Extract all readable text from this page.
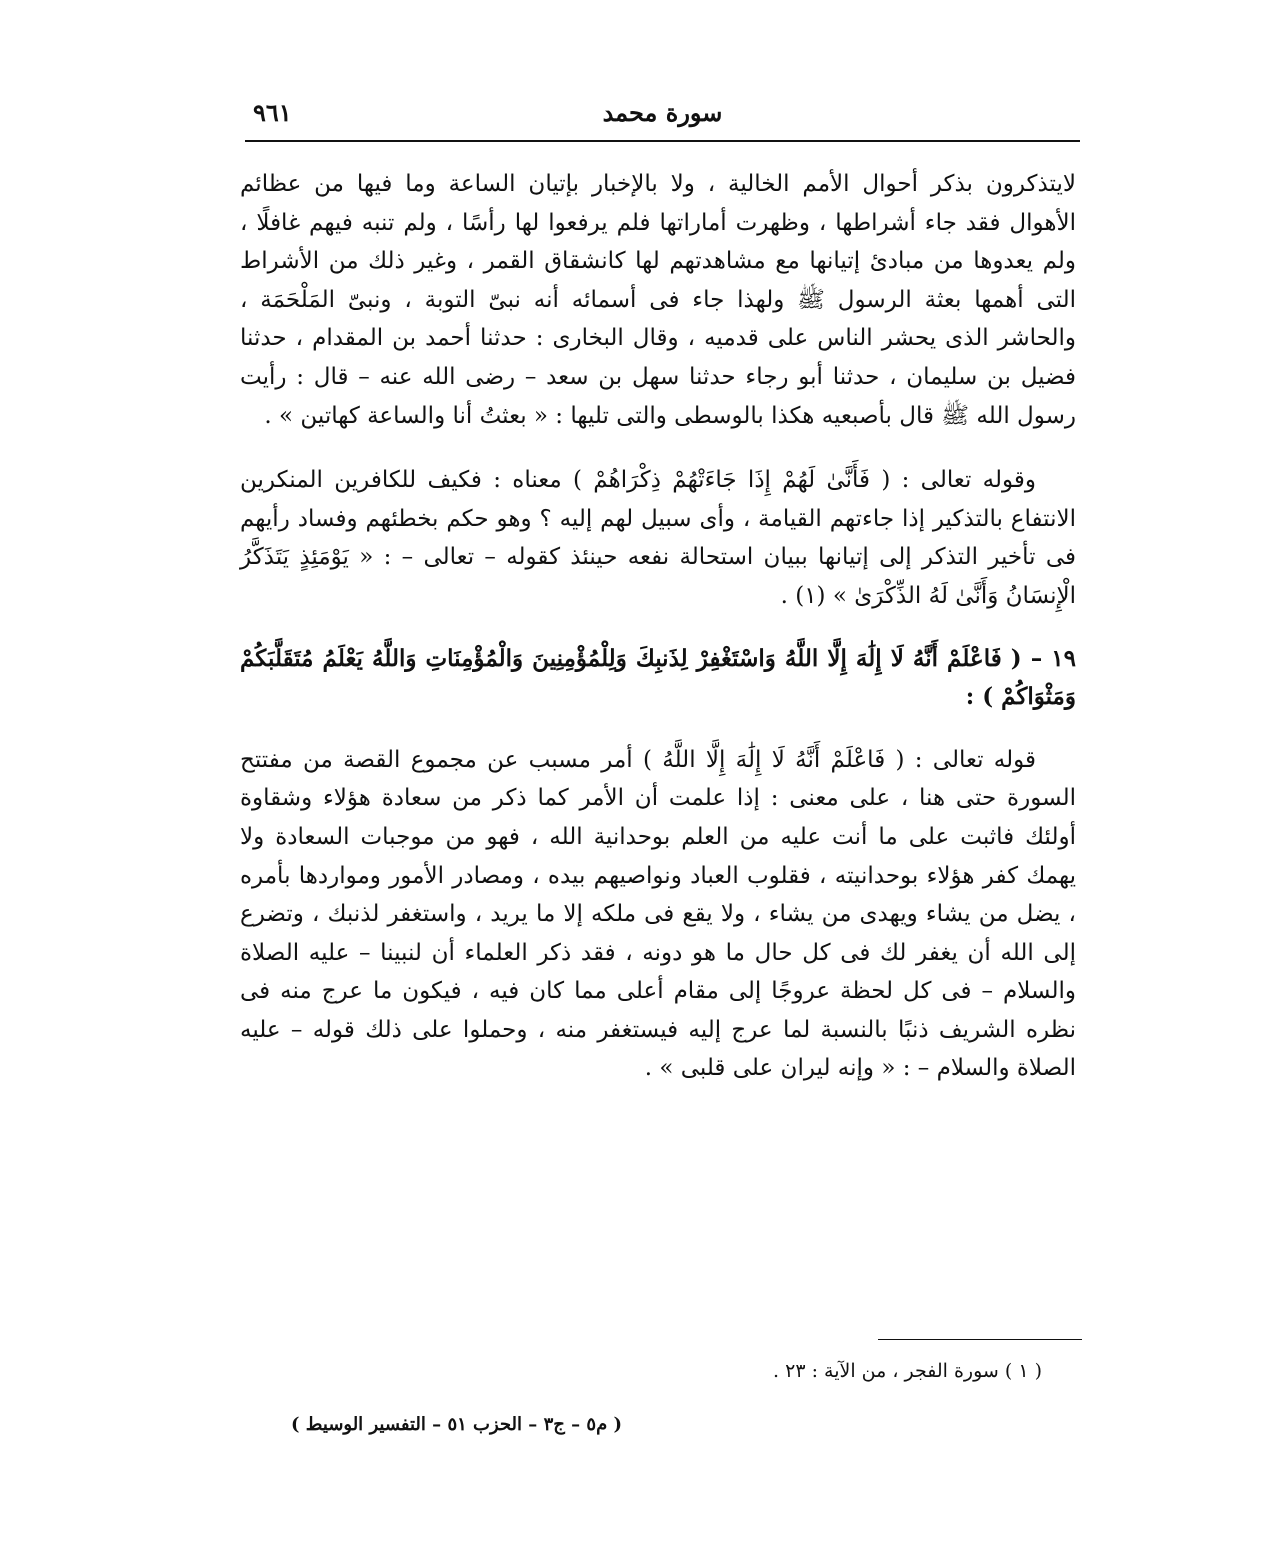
سورة محمد
٩٦١

لايتذكرون بذكر أحوال الأمم الخالية ، ولا بالإخبار بإتيان الساعة وما فيها من عظائم الأهوال فقد جاء أشراطها ، وظهرت أماراتها فلم يرفعوا لها رأسًا ، ولم تنبه فيهم غافلًا ، ولم يعدوها من مبادئ إتيانها مع مشاهدتهم لها كانشقاق القمر ، وغير ذلك من الأشراط التى أهمها بعثة الرسول ﷺ ولهذا جاء فى أسمائه أنه نبىّ التوبة ، ونبىّ المَلْحَمَة ، والحاشر الذى يحشر الناس على قدميه ، وقال البخارى : حدثنا أحمد بن المقدام ، حدثنا فضيل بن سليمان ، حدثنا أبو رجاء حدثنا سهل بن سعد – رضى الله عنه – قال : رأيت رسول الله ﷺ قال بأصبعيه هكذا بالوسطى والتى تليها : « بعثتُ أنا والساعة كهاتين » .

وقوله تعالى : ( فَأَنَّىٰ لَهُمْ إِذَا جَاءَتْهُمْ ذِكْرَاهُمْ ) معناه : فكيف للكافرين المنكرين الانتفاع بالتذكير إذا جاءتهم القيامة ، وأى سبيل لهم إليه ؟ وهو حكم بخطئهم وفساد رأيهم فى تأخير التذكر إلى إتيانها ببيان استحالة نفعه حينئذ كقوله – تعالى – : « يَوْمَئِذٍ يَتَذَكَّرُ الْإِنسَانُ وَأَنَّىٰ لَهُ الذِّكْرَىٰ » (١) .

١٩ – ( فَاعْلَمْ أَنَّهُ لَا إِلَٰهَ إِلَّا اللَّهُ وَاسْتَغْفِرْ لِذَنبِكَ وَلِلْمُؤْمِنِينَ وَالْمُؤْمِنَاتِ وَاللَّهُ يَعْلَمُ مُتَقَلَّبَكُمْ وَمَثْوَاكُمْ ) :

قوله تعالى : ( فَاعْلَمْ أَنَّهُ لَا إِلَٰهَ إِلَّا اللَّهُ ) أمر مسبب عن مجموع القصة من مفتتح السورة حتى هنا ، على معنى : إذا علمت أن الأمر كما ذكر من سعادة هؤلاء وشقاوة أولئك فاثبت على ما أنت عليه من العلم بوحدانية الله ، فهو من موجبات السعادة ولا يهمك كفر هؤلاء بوحدانيته ، فقلوب العباد ونواصيهم بيده ، ومصادر الأمور ومواردها بأمره ، يضل من يشاء ويهدى من يشاء ، ولا يقع فى ملكه إلا ما يريد ، واستغفر لذنبك ، وتضرع إلى الله أن يغفر لك فى كل حال ما هو دونه ، فقد ذكر العلماء أن لنبينا – عليه الصلاة والسلام – فى كل لحظة عروجًا إلى مقام أعلى مما كان فيه ، فيكون ما عرج منه فى نظره الشريف ذنبًا بالنسبة لما عرج إليه فيستغفر منه ، وحملوا على ذلك قوله – عليه الصلاة والسلام – : « وإنه ليران على قلبى » .

( ١ ) سورة الفجر ، من الآية : ٢٣ .
( م٥ – ج٣ – الحزب ٥١ – التفسير الوسيط )
